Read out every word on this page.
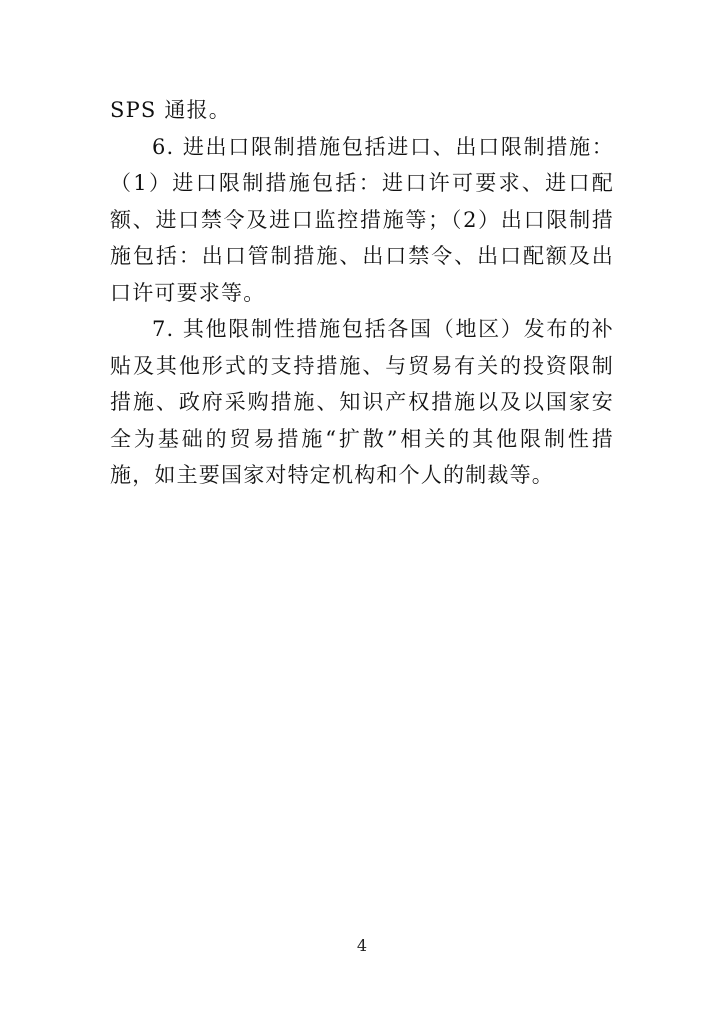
SPS 通报。

6. 进出口限制措施包括进口、出口限制措施：（1）进口限制措施包括：进口许可要求、进口配额、进口禁令及进口监控措施等；（2）出口限制措施包括：出口管制措施、出口禁令、出口配额及出口许可要求等。

7. 其他限制性措施包括各国（地区）发布的补贴及其他形式的支持措施、与贸易有关的投资限制措施、政府采购措施、知识产权措施以及以国家安全为基础的贸易措施“扩散”相关的其他限制性措施，如主要国家对特定机构和个人的制裁等。

4
